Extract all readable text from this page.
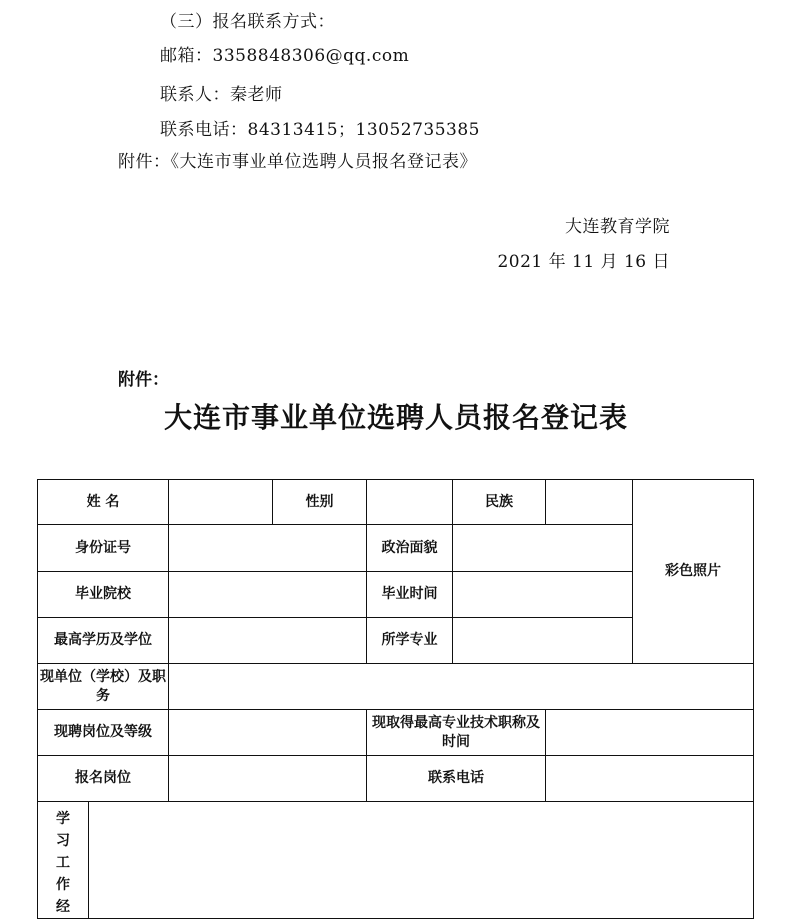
（三）报名联系方式：
邮箱：3358848306@qq.com
联系人：秦老师
联系电话：84313415；13052735385
附件：《大连市事业单位选聘人员报名登记表》
大连教育学院
2021 年 11 月 16 日
附件：
大连市事业单位选聘人员报名登记表
姓 名			性别		民族		彩色照片
身份证号				政治面貌			
毕业院校				毕业时间			
最高学历及学位				所学专业			

现单位（学校）及职务							

现聘岗位及等级				现取得最高专业技术职称及时间			

报名岗位				联系电话			

学习工作经							
